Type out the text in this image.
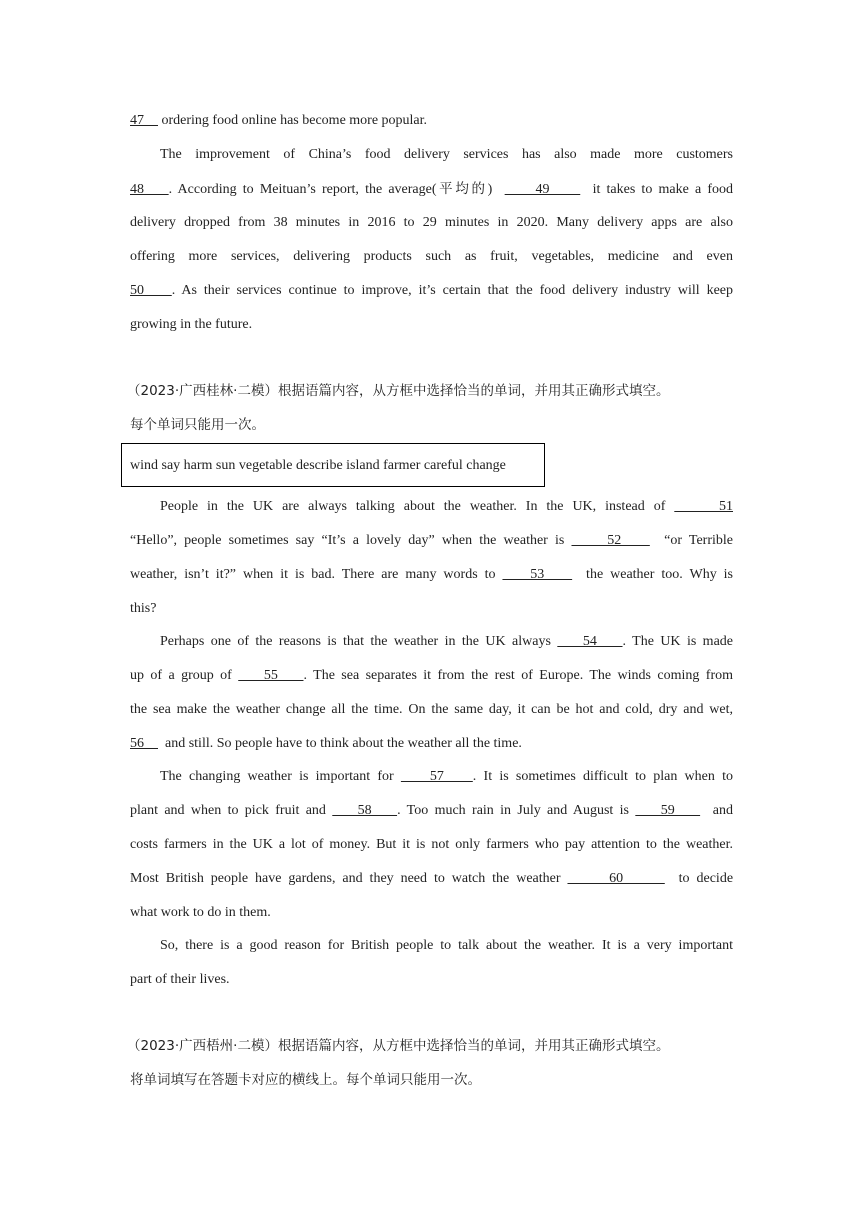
47     ordering food online has become more popular.
The improvement of China’s food delivery services has also made more customers
48    . According to Meituan’s report, the average(平均的)       49       it takes to make a food
delivery dropped from 38 minutes in 2016 to 29 minutes in 2020. Many delivery apps are also
offering more services, delivering products such as fruit, vegetables, medicine and even
50    . As their services continue to improve, it’s certain that the food delivery industry will keep
growing in the future.
（2023·广西桂林·二模）根据语篇内容，从方框中选择恰当的单词，并用其正确形式填空。
每个单词只能用一次。
wind say harm sun vegetable describe island farmer careful change
People in the UK are always talking about the weather. In the UK, instead of      51
“Hello”, people sometimes say “It’s a lovely day” when the weather is      52      “or Terrible
weather, isn’t it?” when it is bad. There are many words to     53      the weather too. Why is
this?
Perhaps one of the reasons is that the weather in the UK always     54    . The UK is made
up of a group of     55    . The sea separates it from the rest of Europe. The winds coming from
the sea make the weather change all the time. On the same day, it can be hot and cold, dry and wet,
56      and still. So people have to think about the weather all the time.
The changing weather is important for     57    . It is sometimes difficult to plan when to
plant and when to pick fruit and     58    . Too much rain in July and August is     59      and
costs farmers in the UK a lot of money. But it is not only farmers who pay attention to the weather.
Most British people have gardens, and they need to watch the weather       60        to decide
what work to do in them.
So, there is a good reason for British people to talk about the weather. It is a very important
part of their lives.
（2023·广西梧州·二模）根据语篇内容，从方框中选择恰当的单词，并用其正确形式填空。
将单词填写在答题卡对应的横线上。每个单词只能用一次。
